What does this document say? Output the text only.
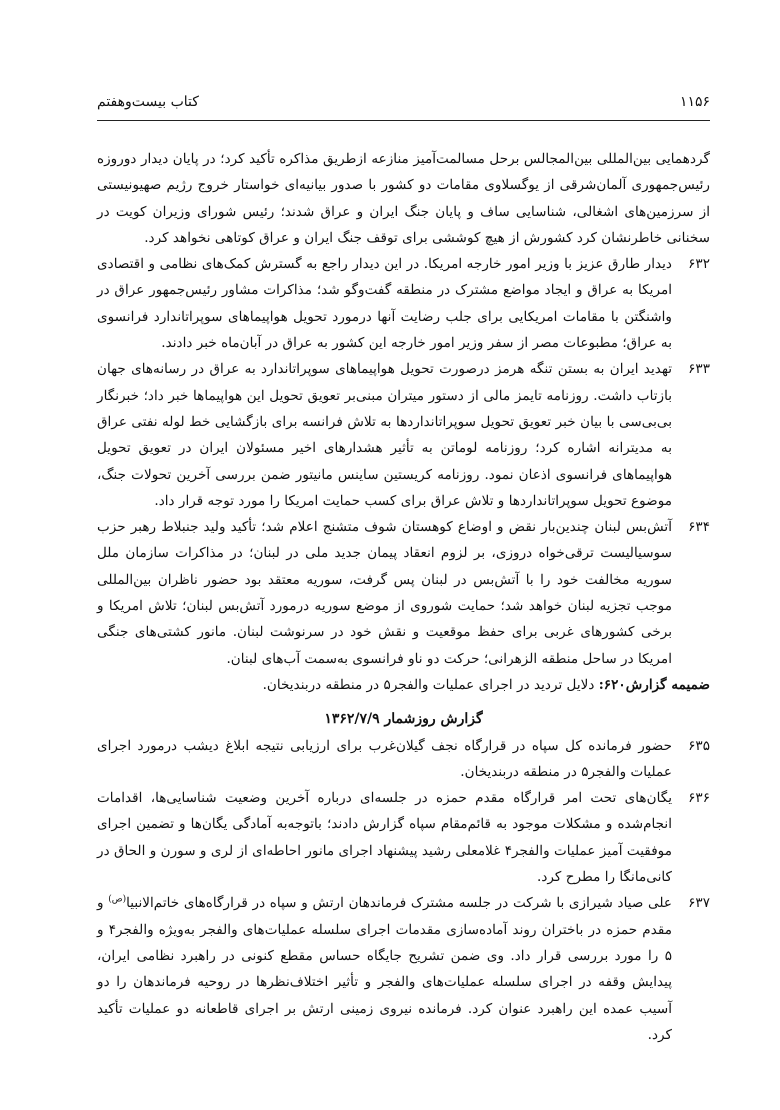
۱۱۵۶
کتاب بیست‌وهفتم

گردهمایی بین‌المللی بین‌المجالس برحل مسالمت‌آمیز منازعه ازطریق مذاکره تأکید کرد؛ در پایان دیدار دوروزه رئیس‌جمهوری آلمان‌شرقی از یوگسلاوی مقامات دو کشور با صدور بیانیه‌ای خواستار خروج رژیم صهیونیستی از سرزمین‌های اشغالی، شناسایی ساف و پایان جنگ ایران و عراق شدند؛ رئیس شورای وزیران کویت در سخنانی خاطرنشان کرد کشورش از هیچ کوششی برای توقف جنگ ایران و عراق کوتاهی نخواهد کرد.

۶۳۲
دیدار طارق عزیز با وزیر امور خارجه امریکا. در این دیدار راجع به گسترش کمک‌های نظامی و اقتصادی امریکا به عراق و ایجاد مواضع مشترک در منطقه گفت‌وگو شد؛ مذاکرات مشاور رئیس‌جمهور عراق در واشنگتن با مقامات امریکایی برای جلب رضایت آنها درمورد تحویل هواپیماهای سوپراتاندارد فرانسوی به عراق؛ مطبوعات مصر از سفر وزیر امور خارجه این کشور به عراق در آبان‌ماه خبر دادند.
۶۳۳
تهدید ایران به بستن تنگه هرمز درصورت تحویل هواپیماهای سوپراتاندارد به عراق در رسانه‌های جهان بازتاب داشت. روزنامه تایمز مالی از دستور میتران مبنی‌بر تعویق تحویل این هواپیماها خبر داد؛ خبرنگار بی‌بی‌سی با بیان خبر تعویق تحویل سوپراتانداردها به تلاش فرانسه برای بازگشایی خط لوله نفتی عراق به مدیترانه اشاره کرد؛ روزنامه لوماتن به تأثیر هشدارهای اخیر مسئولان ایران در تعویق تحویل هواپیماهای فرانسوی اذعان نمود. روزنامه کریستین ساینس مانیتور ضمن بررسی آخرین تحولات جنگ، موضوع تحویل سوپراتانداردها و تلاش عراق برای کسب حمایت امریکا را مورد توجه قرار داد.
۶۳۴
آتش‌بس لبنان چندین‌بار نقض و اوضاع کوهستان شوف متشنج اعلام شد؛ تأکید ولید جنبلاط رهبر حزب سوسیالیست ترقی‌خواه دروزی، بر لزوم انعقاد پیمان جدید ملی در لبنان؛ در مذاکرات سازمان ملل سوریه مخالفت خود را با آتش‌بس در لبنان پس گرفت، سوریه معتقد بود حضور ناظران بین‌المللی موجب تجزیه لبنان خواهد شد؛ حمایت شوروی از موضع سوریه درمورد آتش‌بس لبنان؛ تلاش امریکا و برخی کشورهای غربی برای حفظ موقعیت و نقش خود در سرنوشت لبنان. مانور کشتی‌های جنگی امریکا در ساحل منطقه الزهرانی؛ حرکت دو ناو فرانسوی به‌سمت آب‌های لبنان.

ضمیمه گزارش۶۲۰: دلایل تردید در اجرای عملیات والفجر۵ در منطقه دربندیخان.

گزارش روزشمار ۱۳۶۲/۷/۹
۶۳۵
حضور فرمانده کل سپاه در قرارگاه نجف گیلان‌غرب برای ارزیابی نتیجه ابلاغ دیشب درمورد اجرای عملیات والفجر۵ در منطقه دربندیخان.
۶۳۶
یگان‌های تحت امر قرارگاه مقدم حمزه در جلسه‌ای درباره آخرین وضعیت شناسایی‌ها، اقدامات انجام‌شده و مشکلات موجود به قائم‌مقام سپاه گزارش دادند؛ باتوجه‌به آمادگی یگان‌ها و تضمین اجرای موفقیت آمیز عملیات والفجر۴ غلامعلی رشید پیشنهاد اجرای مانور احاطه‌ای از لری و سورن و الحاق در کانی‌مانگا را مطرح کرد.
۶۳۷
علی صیاد شیرازی با شرکت در جلسه مشترک فرماندهان ارتش و سپاه در قرارگاه‌های خاتم‌الانبیا$^{(ص)}$ و مقدم حمزه در باختران روند آماده‌سازی مقدمات اجرای سلسله عملیات‌های والفجر به‌ویژه والفجر۴ و ۵ را مورد بررسی قرار داد. وی ضمن تشریح جایگاه حساس مقطع کنونی در راهبرد نظامی ایران، پیدایش وقفه در اجرای سلسله عملیات‌های والفجر و تأثیر اختلاف‌نظرها در روحیه فرماندهان را دو آسیب عمده این راهبرد عنوان کرد. فرمانده نیروی زمینی ارتش بر اجرای قاطعانه دو عملیات تأکید کرد.
